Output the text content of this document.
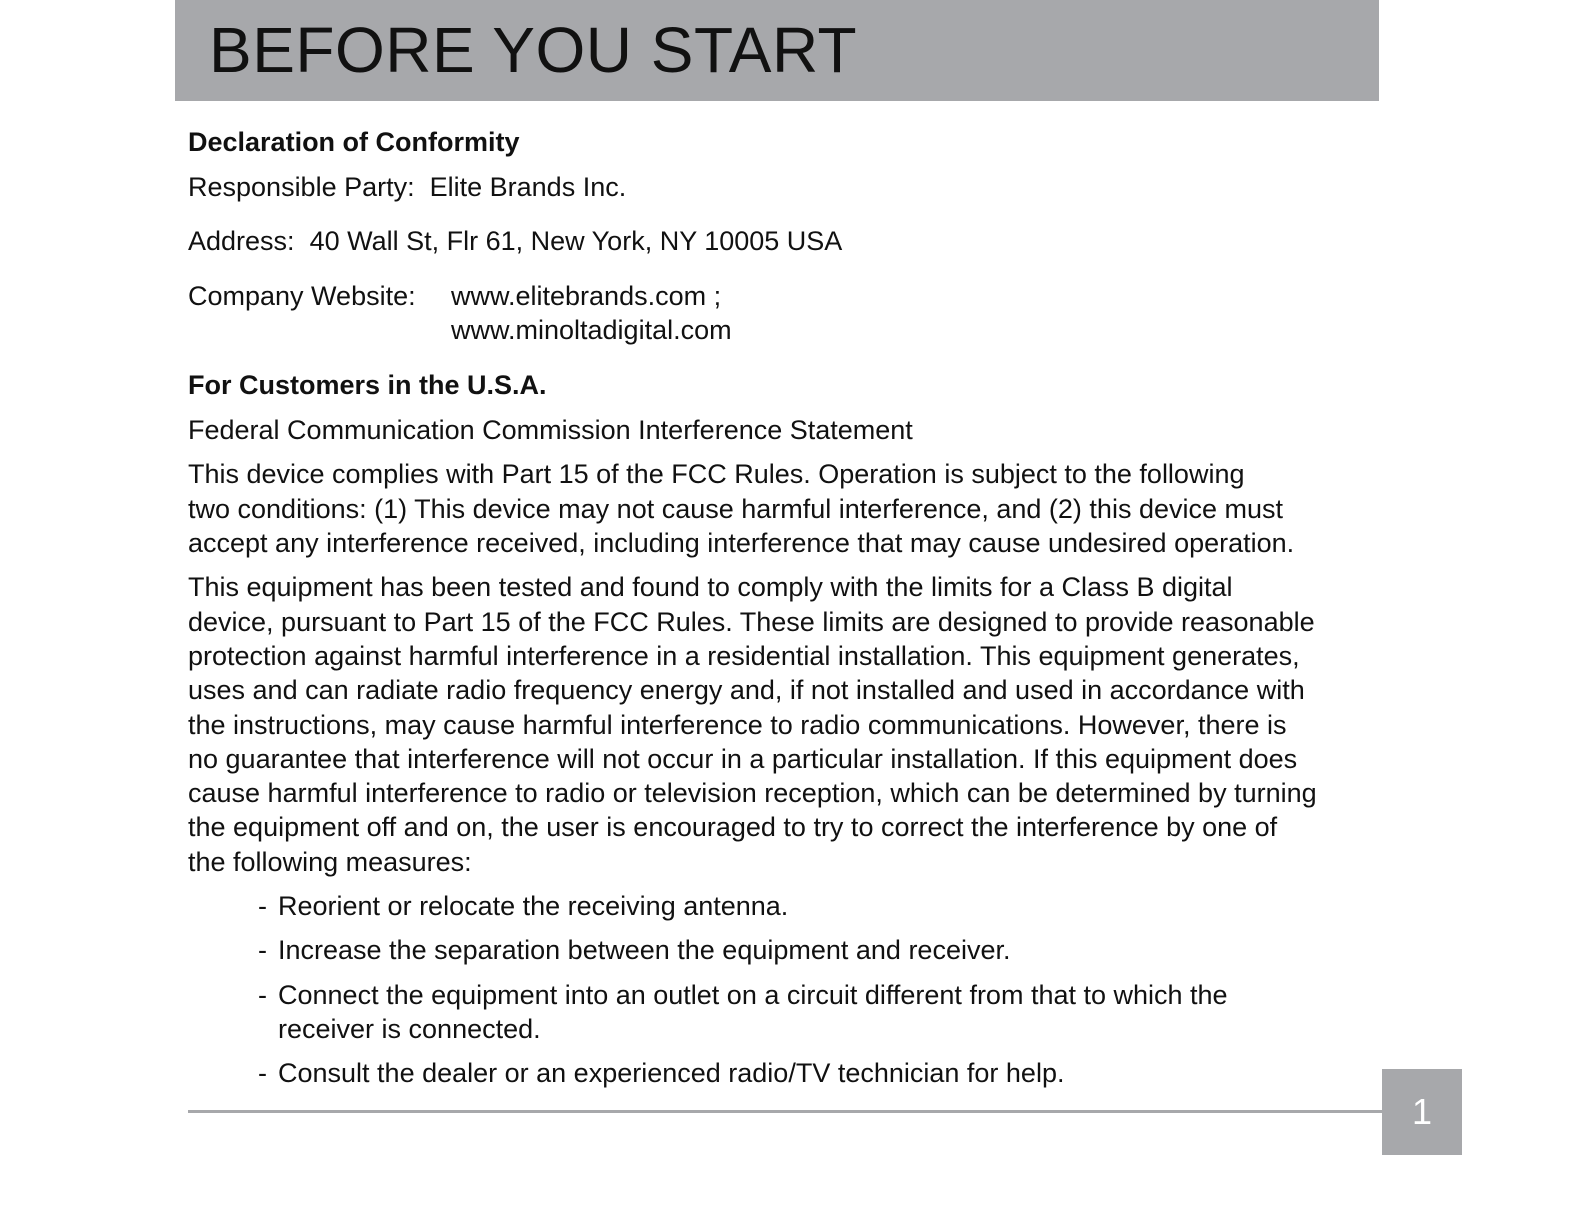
BEFORE YOU START

Declaration of Conformity

Responsible Party: Elite Brands Inc.
Address: 40 Wall St, Flr 61, New York, NY 10005 USA
Company Website:	www.elitebrands.com ;
www.minoltadigital.com

For Customers in the U.S.A.

Federal Communication Commission Interference Statement

This device complies with Part 15 of the FCC Rules. Operation is subject to the following
two conditions: (1) This device may not cause harmful interference, and (2) this device must
accept any interference received, including interference that may cause undesired operation.
This equipment has been tested and found to comply with the limits for a Class B digital
device, pursuant to Part 15 of the FCC Rules. These limits are designed to provide reasonable
protection against harmful interference in a residential installation. This equipment generates,
uses and can radiate radio frequency energy and, if not installed and used in accordance with
the instructions, may cause harmful interference to radio communications. However, there is
no guarantee that interference will not occur in a particular installation. If this equipment does
cause harmful interference to radio or television reception, which can be determined by turning
the equipment off and on, the user is encouraged to try to correct the interference by one of
the following measures:
- Reorient or relocate the receiving antenna.
- Increase the separation between the equipment and receiver.
- Connect the equipment into an outlet on a circuit different from that to which the
receiver is connected.
- Consult the dealer or an experienced radio/TV technician for help.
1
